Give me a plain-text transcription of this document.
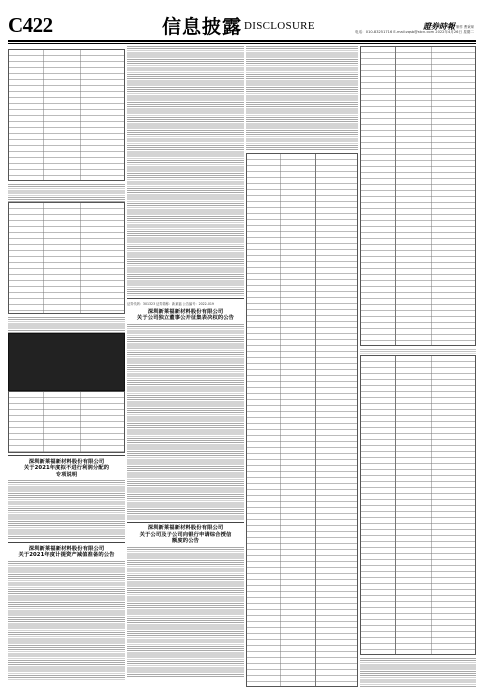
C422	信息披露 DISCLOSURE	制作 曹秉琛
證券時報
电话：010-83251716 E-mail:zqsb@stcn.com 2022年4月26日 星期二
深圳新莱福新材料股份有限公司
关于2021年度拟不进行利润分配的
专项说明
深圳新莱福新材料股份有限公司
关于2021年度计提资产减值准备的公告
证券代码：301323 证券简称：新莱福 公告编号：2022-019
深圳新莱福新材料股份有限公司
关于公司独立董事公开征集表决权的公告
深圳新莱福新材料股份有限公司
关于公司及子公司向银行申请综合授信
额度的公告
